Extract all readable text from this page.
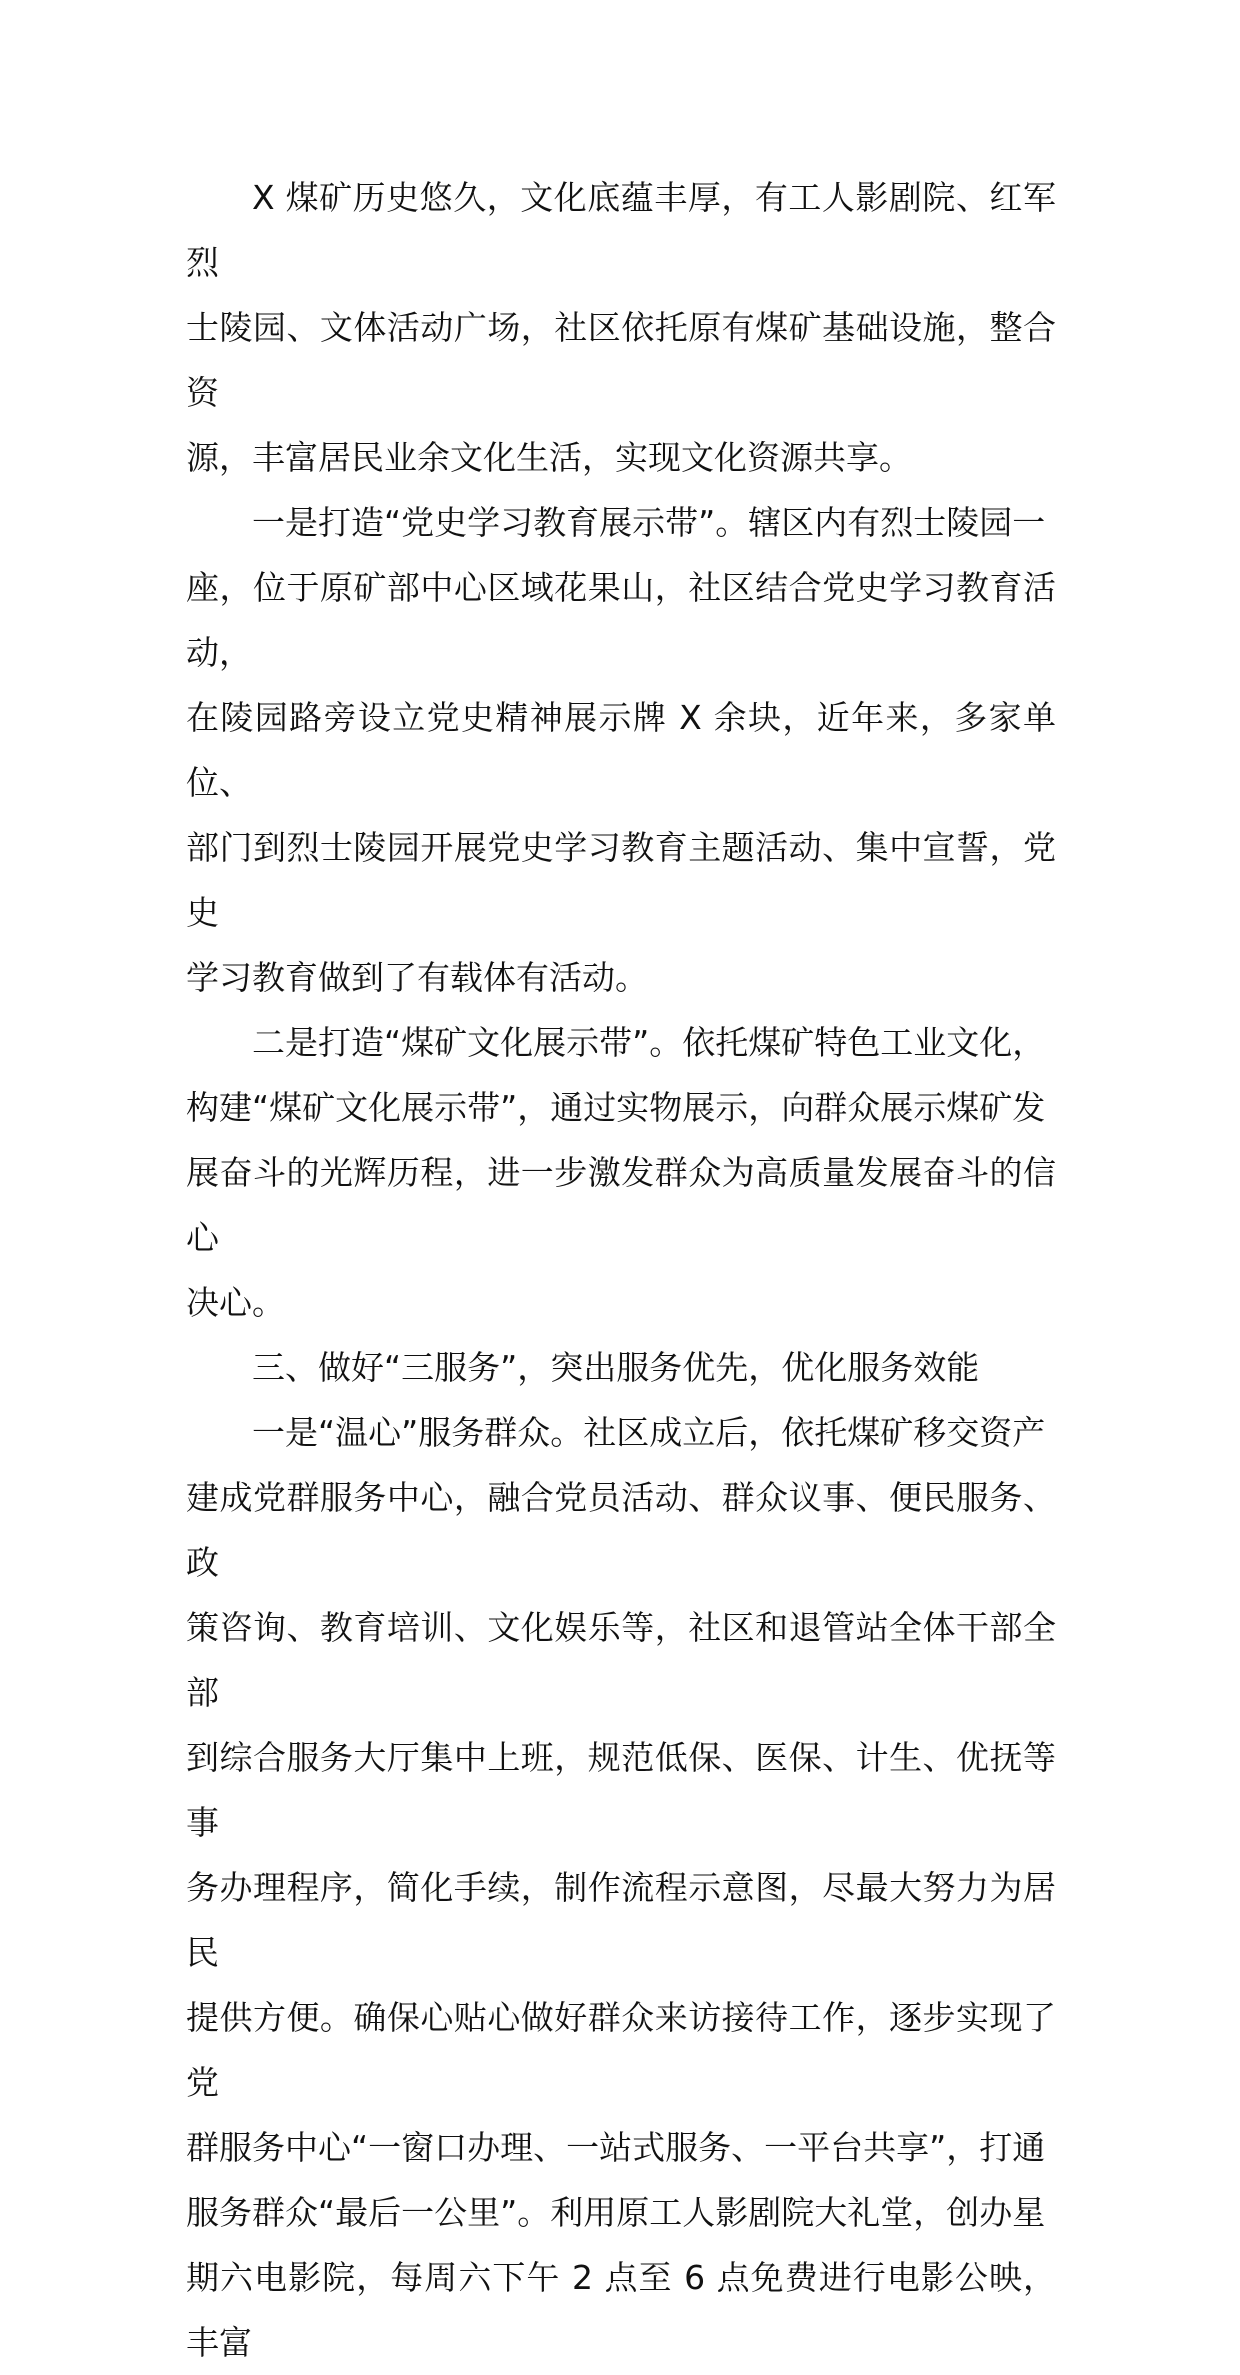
X 煤矿历史悠久，文化底蕴丰厚，有工人影剧院、红军烈
士陵园、文体活动广场，社区依托原有煤矿基础设施，整合资
源，丰富居民业余文化生活，实现文化资源共享。

一是打造“党史学习教育展示带”。辖区内有烈士陵园一
座，位于原矿部中心区域花果山，社区结合党史学习教育活动，
在陵园路旁设立党史精神展示牌 X 余块，近年来，多家单位、
部门到烈士陵园开展党史学习教育主题活动、集中宣誓，党史
学习教育做到了有载体有活动。

二是打造“煤矿文化展示带”。依托煤矿特色工业文化，
构建“煤矿文化展示带”，通过实物展示，向群众展示煤矿发
展奋斗的光辉历程，进一步激发群众为高质量发展奋斗的信心
决心。

三、做好“三服务”，突出服务优先，优化服务效能

一是“温心”服务群众。社区成立后，依托煤矿移交资产
建成党群服务中心，融合党员活动、群众议事、便民服务、政
策咨询、教育培训、文化娱乐等，社区和退管站全体干部全部
到综合服务大厅集中上班，规范低保、医保、计生、优抚等事
务办理程序，简化手续，制作流程示意图，尽最大努力为居民
提供方便。确保心贴心做好群众来访接待工作，逐步实现了党
群服务中心“一窗口办理、一站式服务、一平台共享”，打通
服务群众“最后一公里”。利用原工人影剧院大礼堂，创办星
期六电影院，每周六下午 2 点至 6 点免费进行电影公映，丰富
